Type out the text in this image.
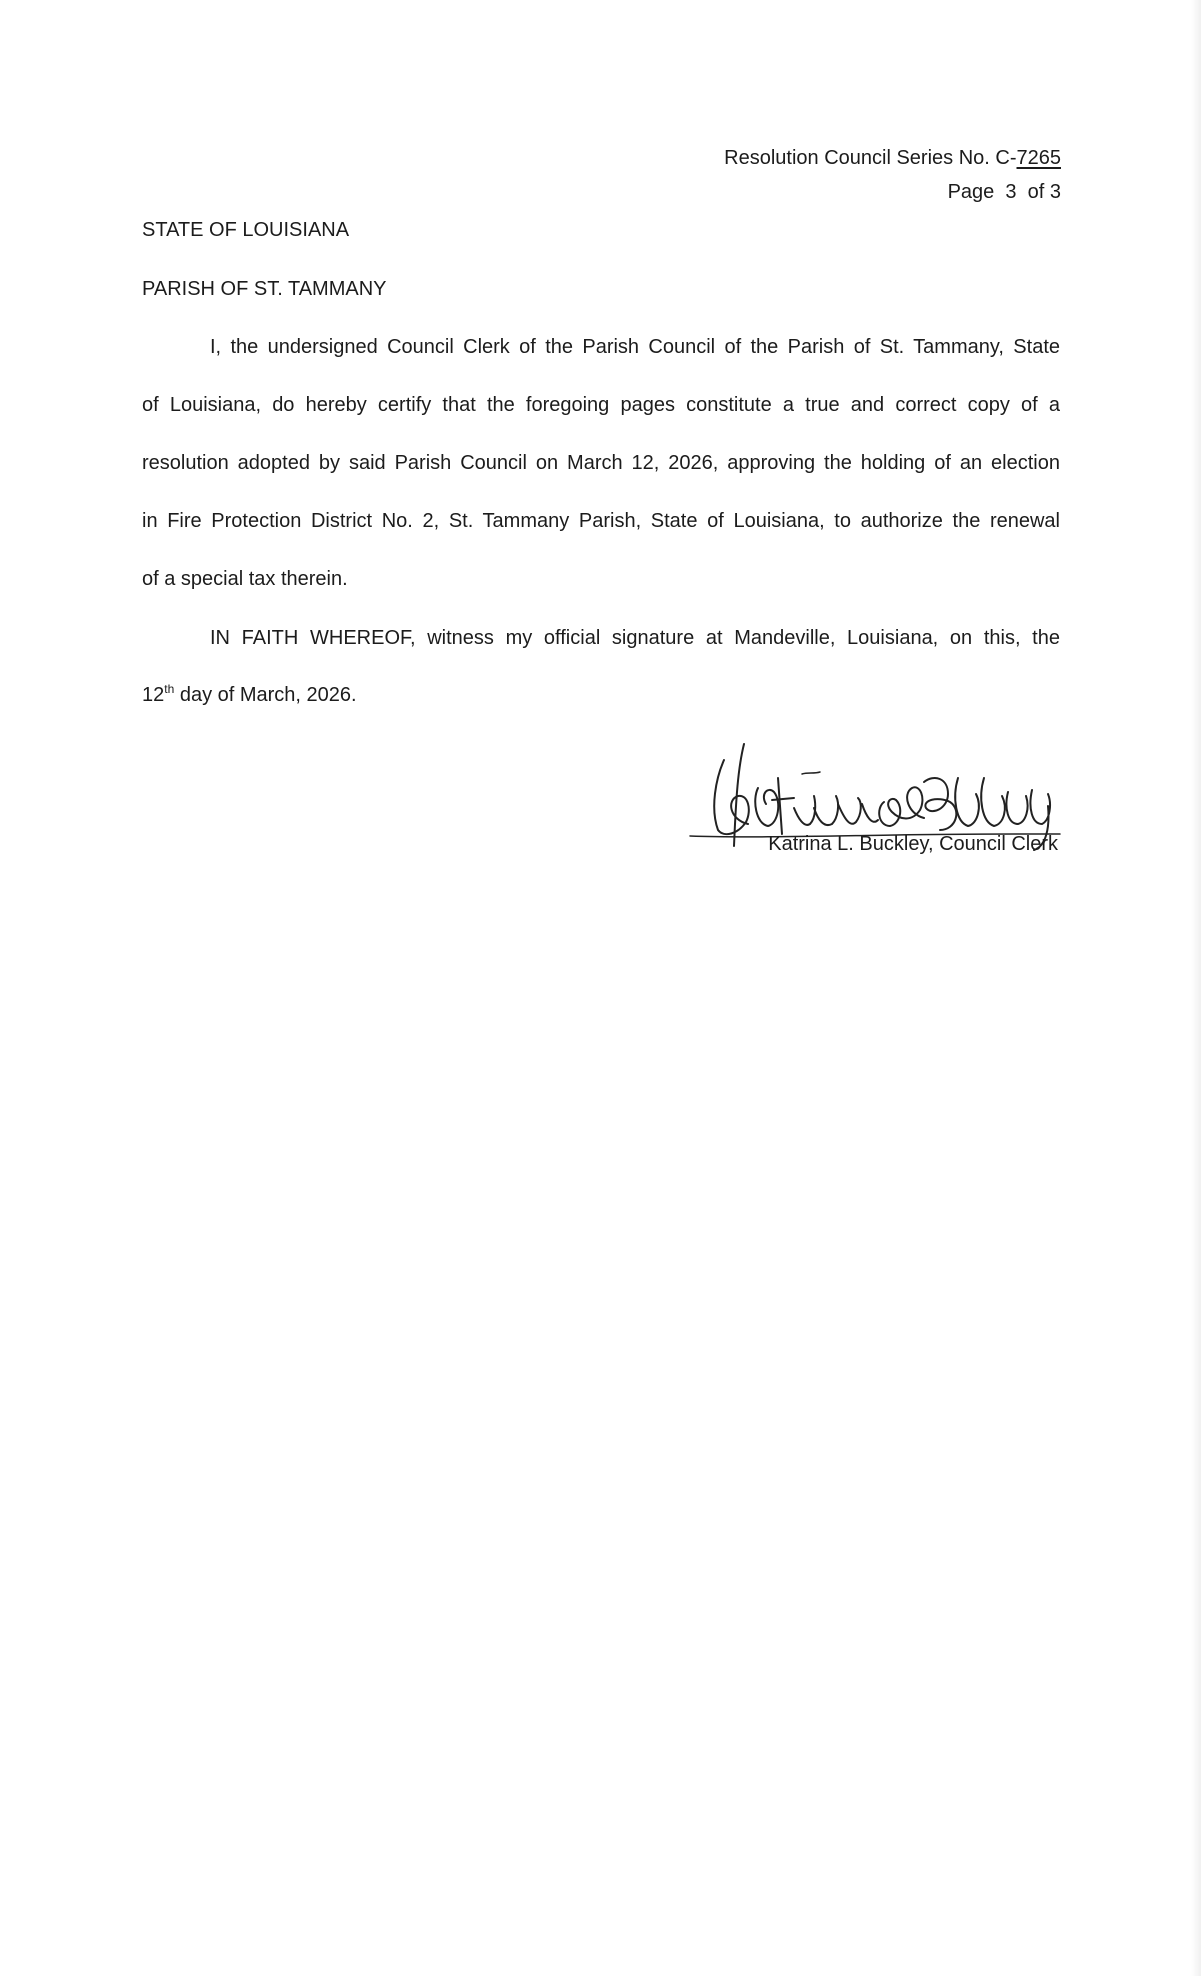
Resolution Council Series No. C-7265
Page  3  of 3
STATE OF LOUISIANA
PARISH OF ST. TAMMANY
I, the undersigned Council Clerk of the Parish Council of the Parish of St. Tammany, State
of Louisiana, do hereby certify that the foregoing pages constitute a true and correct copy of a
resolution adopted by said Parish Council on March 12, 2026, approving the holding of an election
in Fire Protection District No. 2, St. Tammany Parish, State of Louisiana, to authorize the renewal
of a special tax therein.
IN FAITH WHEREOF, witness my official signature at Mandeville, Louisiana, on this, the
12th day of March, 2026.
Katrina L. Buckley, Council Clerk
